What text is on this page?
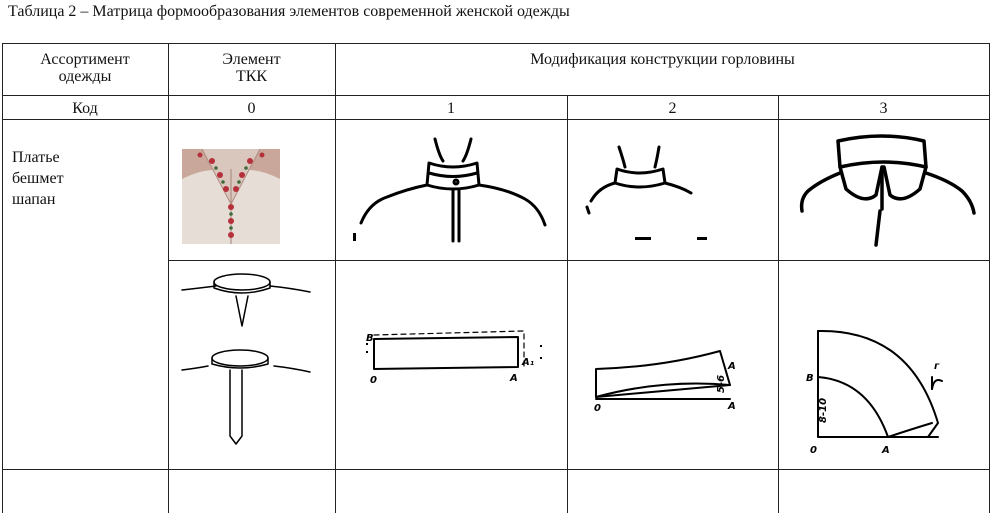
Таблица 2 – Матрица формообразования элементов современной женской одежды
Ассортимент
одежды
Элемент
ТКК
Модификация конструкции горловины
Код	0	1	2	3
Платье
бешмет
шапан
В
0	А
А₁
0	А
А
5-6	В
8-10
0	А
г
